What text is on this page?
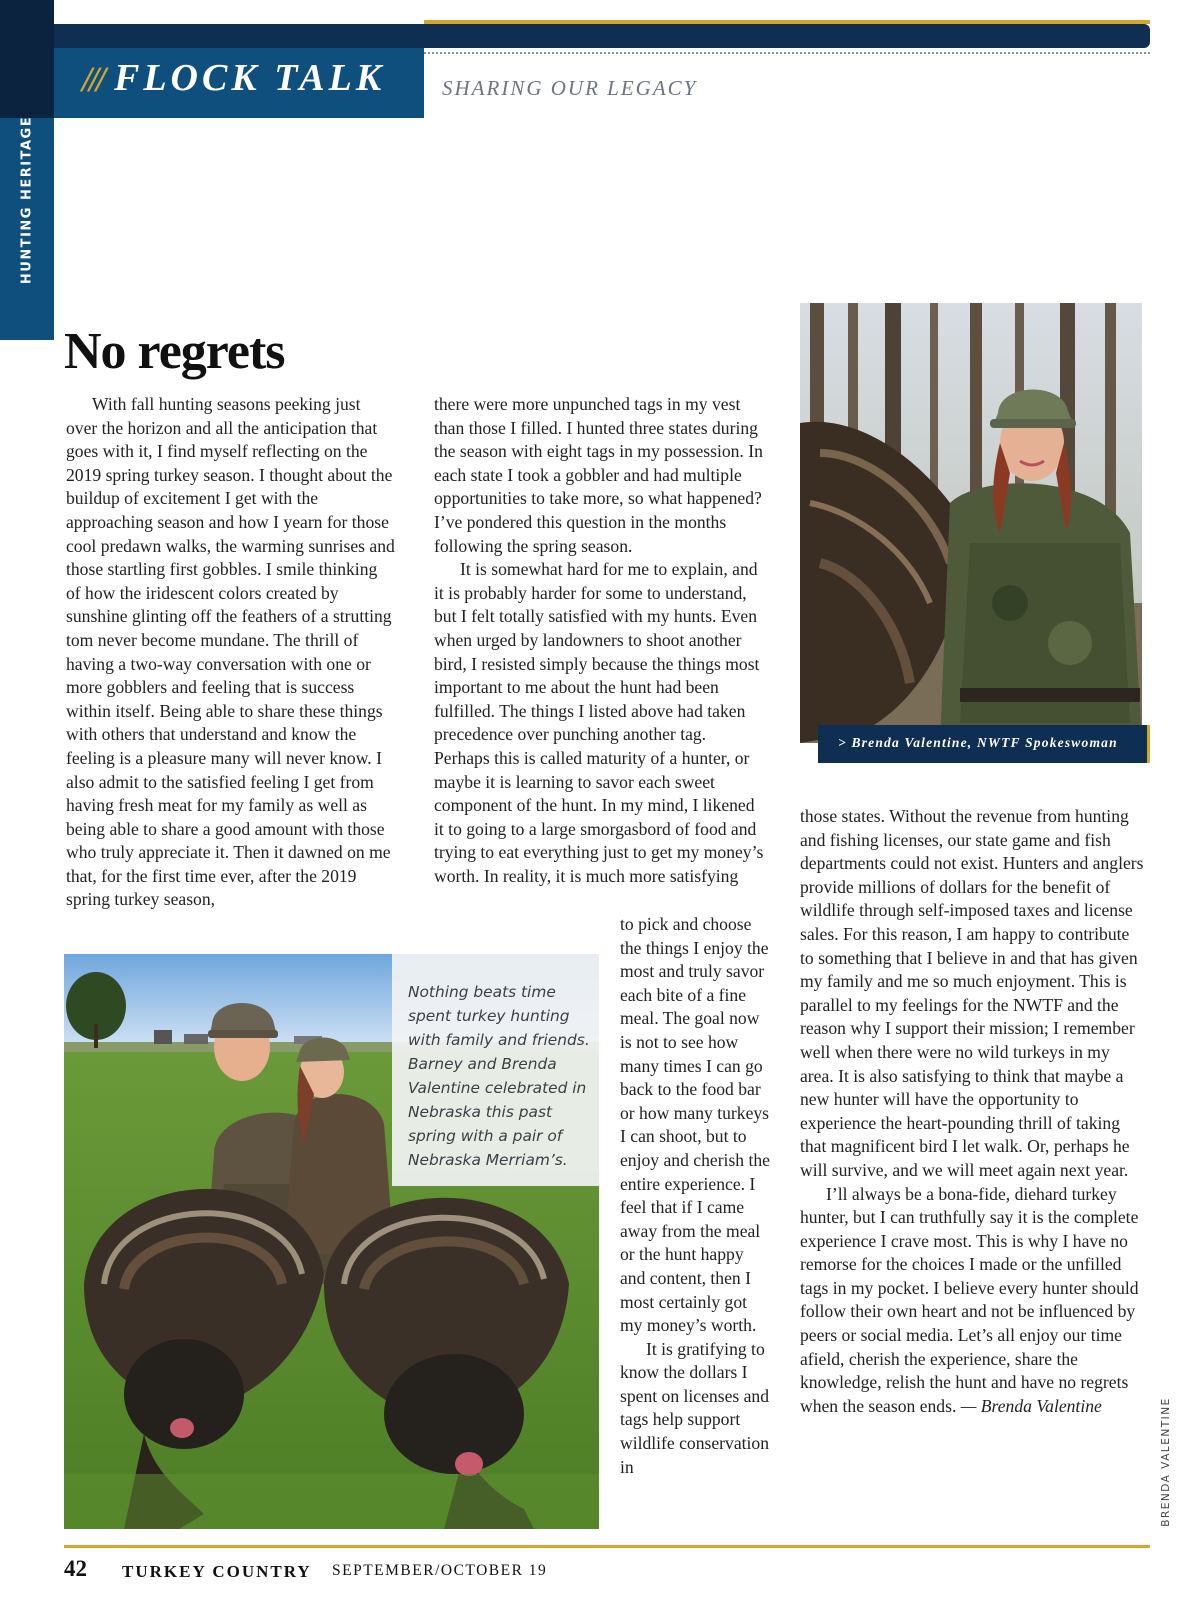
HUNTING HERITAGE
/// FLOCK TALK	SHARING OUR LEGACY
No regrets

With fall hunting seasons peeking just over the horizon and all the anticipation that goes with it, I find myself reflecting on the 2019 spring turkey season. I thought about the buildup of excitement I get with the approaching season and how I yearn for those cool predawn walks, the warming sunrises and those startling first gobbles. I smile thinking of how the iridescent colors created by sunshine glinting off the feathers of a strutting tom never become mundane. The thrill of having a two-way conversation with one or more gobblers and feeling that is success within itself. Being able to share these things with others that understand and know the feeling is a pleasure many will never know. I also admit to the satisfied feeling I get from having fresh meat for my family as well as being able to share a good amount with those who truly appreciate it. Then it dawned on me that, for the first time ever, after the 2019 spring turkey season,

there were more unpunched tags in my vest than those I filled. I hunted three states during the season with eight tags in my possession. In each state I took a gobbler and had multiple opportunities to take more, so what happened? I’ve pondered this question in the months following the spring season.

It is somewhat hard for me to explain, and it is probably harder for some to understand, but I felt totally satisfied with my hunts. Even when urged by landowners to shoot another bird, I resisted simply because the things most important to me about the hunt had been fulfilled. The things I listed above had taken precedence over punching another tag. Perhaps this is called maturity of a hunter, or maybe it is learning to savor each sweet component of the hunt. In my mind, I likened it to going to a large smorgasbord of food and trying to eat everything just to get my money’s worth. In reality, it is much more satisfying

to pick and choose the things I enjoy the most and truly savor each bite of a fine meal. The goal now is not to see how many times I can go back to the food bar or how many turkeys I can shoot, but to enjoy and cherish the entire experience. I feel that if I came away from the meal or the hunt happy and content, then I most certainly got my money’s worth.

It is gratifying to know the dollars I spent on licenses and tags help support wildlife conservation in

those states. Without the revenue from hunting and fishing licenses, our state game and fish departments could not exist. Hunters and anglers provide millions of dollars for the benefit of wildlife through self-imposed taxes and license sales. For this reason, I am happy to contribute to something that I believe in and that has given my family and me so much enjoyment. This is parallel to my feelings for the NWTF and the reason why I support their mission; I remember well when there were no wild turkeys in my area. It is also satisfying to think that maybe a new hunter will have the opportunity to experience the heart-pounding thrill of taking that magnificent bird I let walk. Or, perhaps he will survive, and we will meet again next year.

I’ll always be a bona-fide, diehard turkey hunter, but I can truthfully say it is the complete experience I crave most. This is why I have no remorse for the choices I made or the unfilled tags in my pocket. I believe every hunter should follow their own heart and not be influenced by peers or social media. Let’s all enjoy our time afield, cherish the experience, share the knowledge, relish the hunt and have no regrets when the season ends. — Brenda Valentine

Nothing beats time spent turkey hunting with family and friends. Barney and Brenda Valentine celebrated in Nebraska this past spring with a pair of Nebraska Merriam’s.
> Brenda Valentine, NWTF Spokeswoman
BRENDA VALENTINE
42 TURKEY COUNTRY SEPTEMBER/OCTOBER 19
